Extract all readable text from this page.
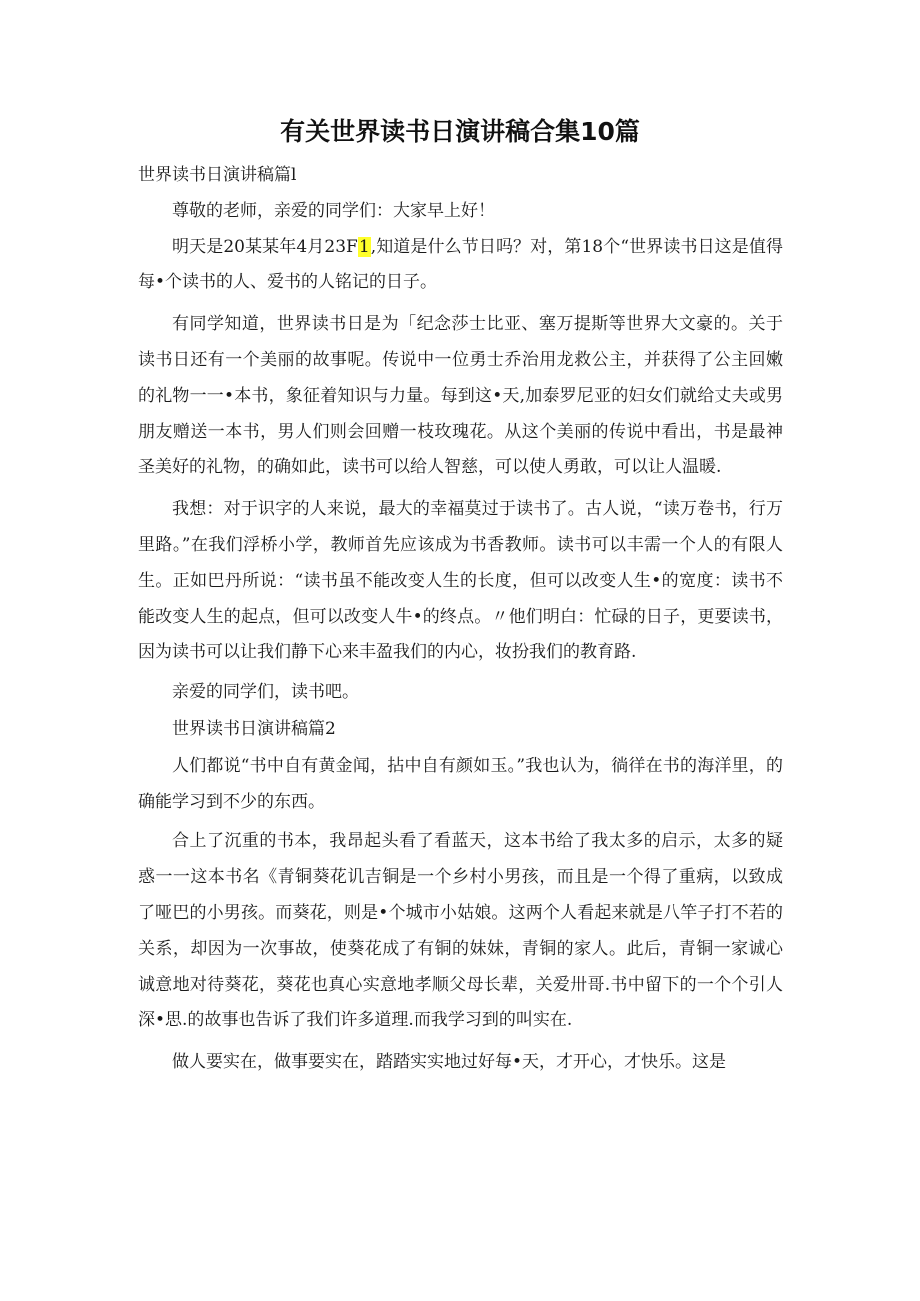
有关世界读书日演讲稿合集10篇

世界读书日演讲稿篇l

尊敬的老师，亲爱的同学们：大家早上好！

明天是20某某年4月23F1,知道是什么节日吗？对，第18个“世界读书日这是值得每•个读书的人、爱书的人铭记的日子。

有同学知道，世界读书日是为「纪念莎士比亚、塞万提斯等世界大文豪的。关于读书日还有一个美丽的故事呢。传说中一位勇士乔治用龙救公主，并获得了公主回嫩的礼物一一•本书，象征着知识与力量。每到这•天,加泰罗尼亚的妇女们就给丈夫或男朋友赠送一本书，男人们则会回赠一枝玫瑰花。从这个美丽的传说中看出，书是最神圣美好的礼物，的确如此，读书可以给人智慈，可以使人勇敢，可以让人温暖.

我想：对于识字的人来说，最大的幸福莫过于读书了。古人说，“读万卷书，行万里路。”在我们浮桥小学，教师首先应该成为书香教师。读书可以丰需一个人的有限人生。正如巴丹所说：“读书虽不能改变人生的长度，但可以改变人生•的宽度：读书不能改变人生的起点，但可以改变人牛•的终点。〃他们明白：忙碌的日子，更要读书，因为读书可以让我们静下心来丰盈我们的内心，妆扮我们的教育路.

亲爱的同学们，读书吧。

世界读书日演讲稿篇2

人们都说“书中自有黄金闻，拈中自有颜如玉。”我也认为，徜徉在书的海洋里，的确能学习到不少的东西。

合上了沉重的书本，我昂起头看了看蓝天，这本书给了我太多的启示，太多的疑惑一一这本书名《青铜葵花讥吉铜是一个乡村小男孩，而且是一个得了重病，以致成了哑巴的小男孩。而葵花，则是•个城市小姑娘。这两个人看起来就是八竿子打不若的关系，却因为一次事故，使葵花成了有铜的妹妹，青铜的家人。此后，青铜一家诚心诚意地对待葵花，葵花也真心实意地孝顺父母长辈，关爱卅哥.书中留下的一个个引人深•思.的故事也告诉了我们许多道理.而我学习到的叫实在.

做人要实在，做事要实在，踏踏实实地过好每•天，才开心，才快乐。这是
